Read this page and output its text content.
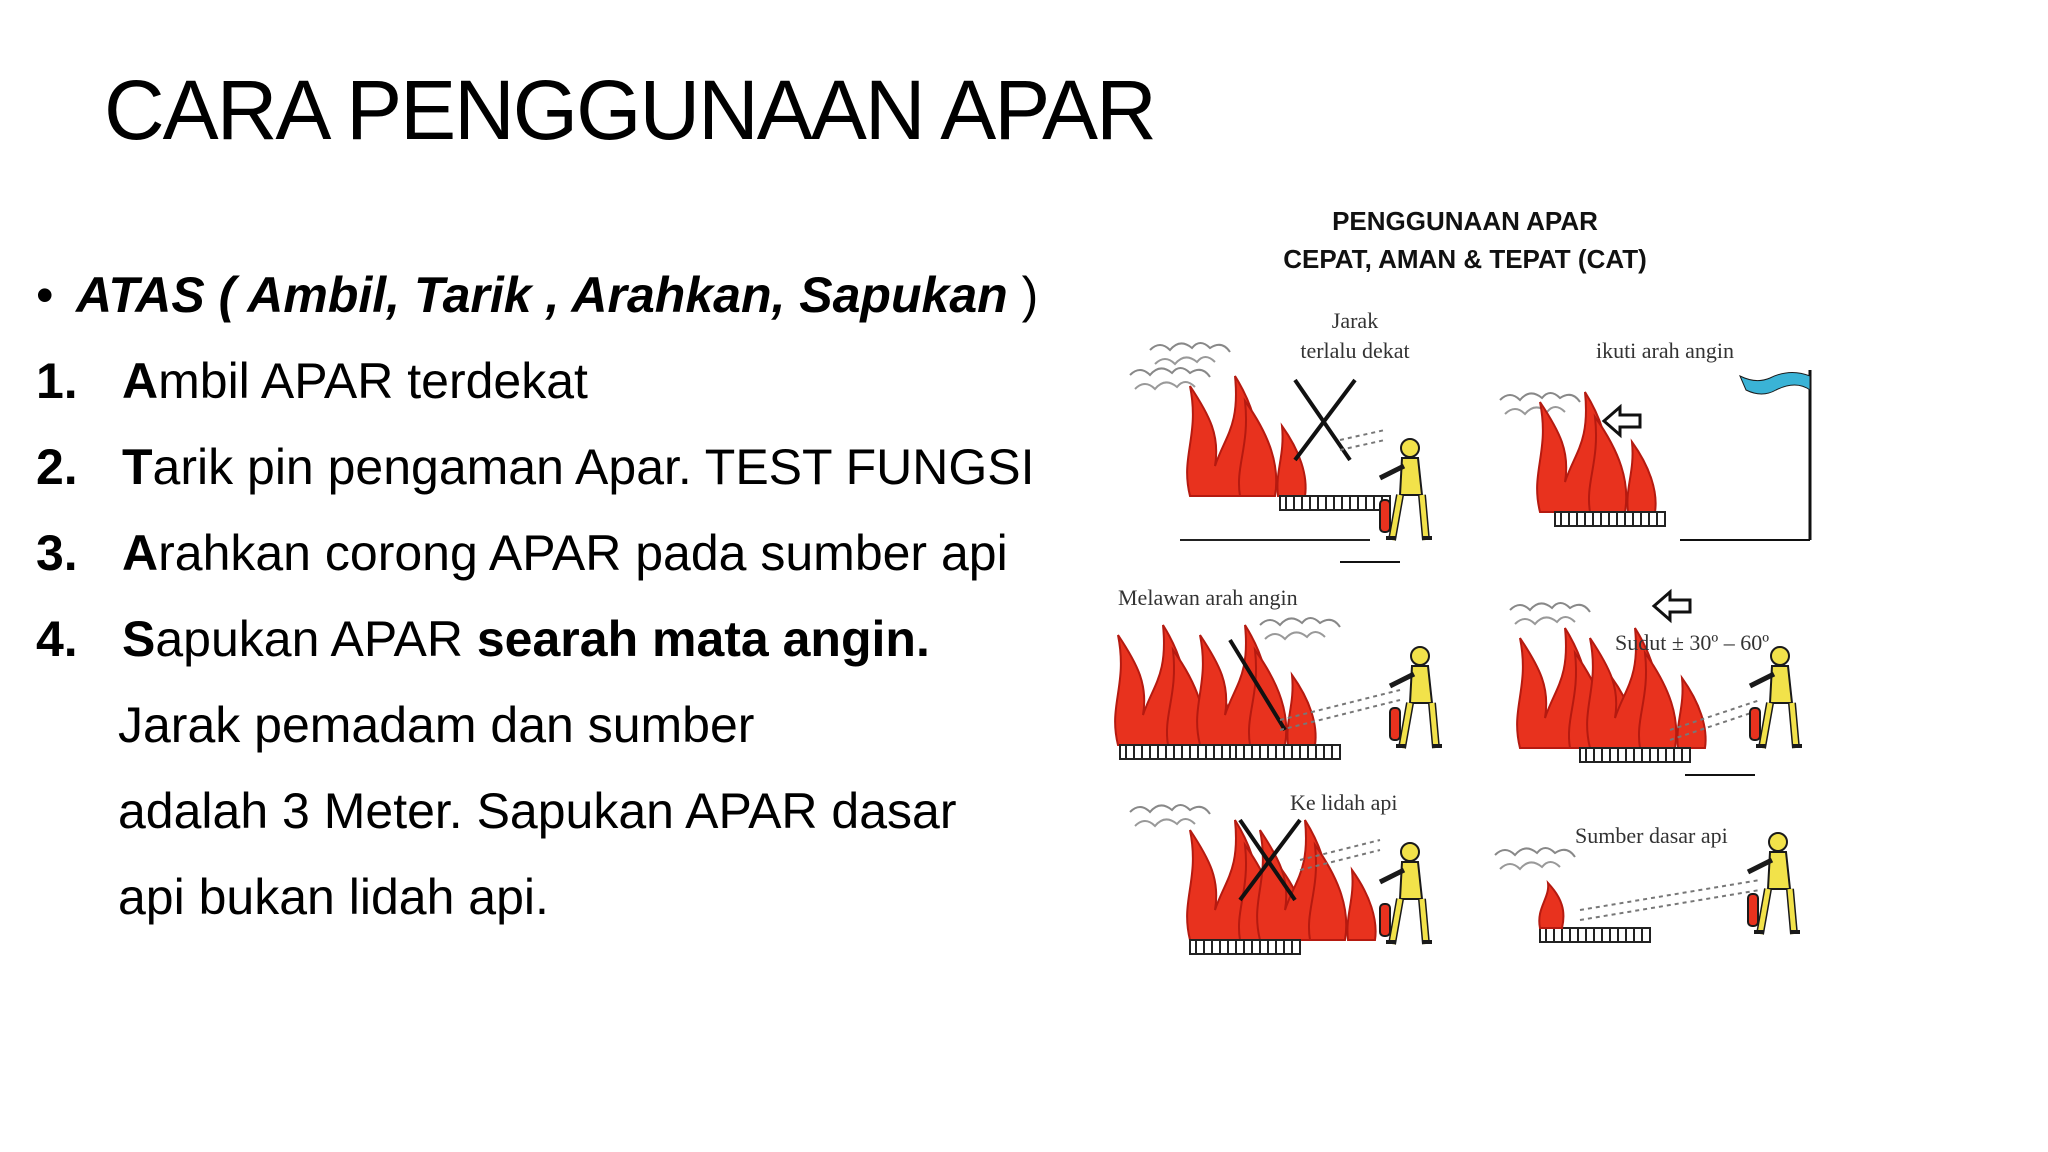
CARA PENGGUNAAN APAR
• ATAS ( Ambil, Tarik , Arahkan, Sapukan )
1. Ambil APAR terdekat
2. Tarik pin pengaman Apar. TEST FUNGSI
3. Arahkan corong APAR pada sumber api
4. Sapukan APAR searah mata angin.
Jarak pemadam dan sumber
adalah 3 Meter. Sapukan APAR dasar
api bukan lidah api.
PENGGUNAAN APAR
CEPAT, AMAN & TEPAT (CAT)
Jarak
terlalu dekat	ikuti arah angin
Melawan arah angin
Sudut ± 30º – 60º
Ke lidah api
Sumber dasar api
